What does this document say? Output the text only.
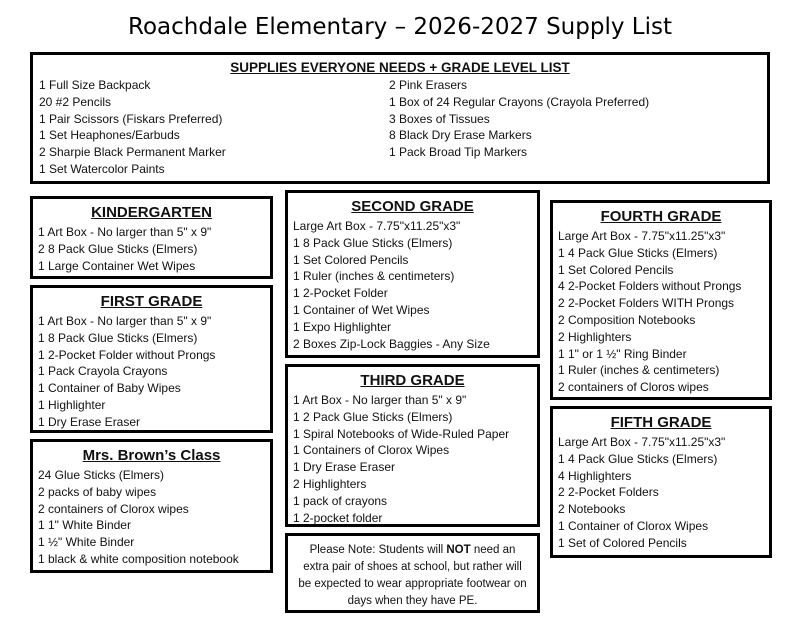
Roachdale Elementary – 2026-2027 Supply List
SUPPLIES EVERYONE NEEDS + GRADE LEVEL LIST
1 Full Size Backpack
20 #2 Pencils
1 Pair Scissors (Fiskars Preferred)
1 Set Heaphones/Earbuds
2 Sharpie Black Permanent Marker
1 Set Watercolor Paints
2 Pink Erasers
1 Box of 24 Regular Crayons (Crayola Preferred)
3 Boxes of Tissues
8 Black Dry Erase Markers
1 Pack Broad Tip Markers
KINDERGARTEN
1 Art Box - No larger than 5" x 9"
2 8 Pack Glue Sticks (Elmers)
1 Large Container Wet Wipes
FIRST GRADE
1 Art Box - No larger than 5" x 9"
1 8 Pack Glue Sticks (Elmers)
1 2-Pocket Folder without Prongs
1 Pack Crayola Crayons
1 Container of Baby Wipes
1 Highlighter
1 Dry Erase Eraser
Mrs. Brown’s Class
24 Glue Sticks (Elmers)
2 packs of baby wipes
2 containers of Clorox wipes
1 1" White Binder
1 ½" White Binder
1 black & white composition notebook
SECOND GRADE
Large Art Box - 7.75"x11.25"x3"
1 8 Pack Glue Sticks (Elmers)
1 Set Colored Pencils
1 Ruler (inches & centimeters)
1 2-Pocket Folder
1 Container of Wet Wipes
1 Expo Highlighter
2 Boxes Zip-Lock Baggies - Any Size
THIRD GRADE
1 Art Box - No larger than 5" x 9"
1 2 Pack Glue Sticks (Elmers)
1 Spiral Notebooks of Wide-Ruled Paper
1 Containers of Clorox Wipes
1 Dry Erase Eraser
2 Highlighters
1 pack of crayons
1 2-pocket folder

Please Note: Students will NOT need an extra pair of shoes at school, but rather will be expected to wear appropriate footwear on days when they have PE.

FOURTH GRADE
Large Art Box - 7.75"x11.25"x3"
1 4 Pack Glue Sticks (Elmers)
1 Set Colored Pencils
4 2-Pocket Folders without Prongs
2 2-Pocket Folders WITH Prongs
2 Composition Notebooks
2 Highlighters
1 1" or 1 ½" Ring Binder
1 Ruler (inches & centimeters)
2 containers of Cloros wipes
FIFTH GRADE
Large Art Box - 7.75"x11.25"x3"
1 4 Pack Glue Sticks (Elmers)
4 Highlighters
2 2-Pocket Folders
2 Notebooks
1 Container of Clorox Wipes
1 Set of Colored Pencils
